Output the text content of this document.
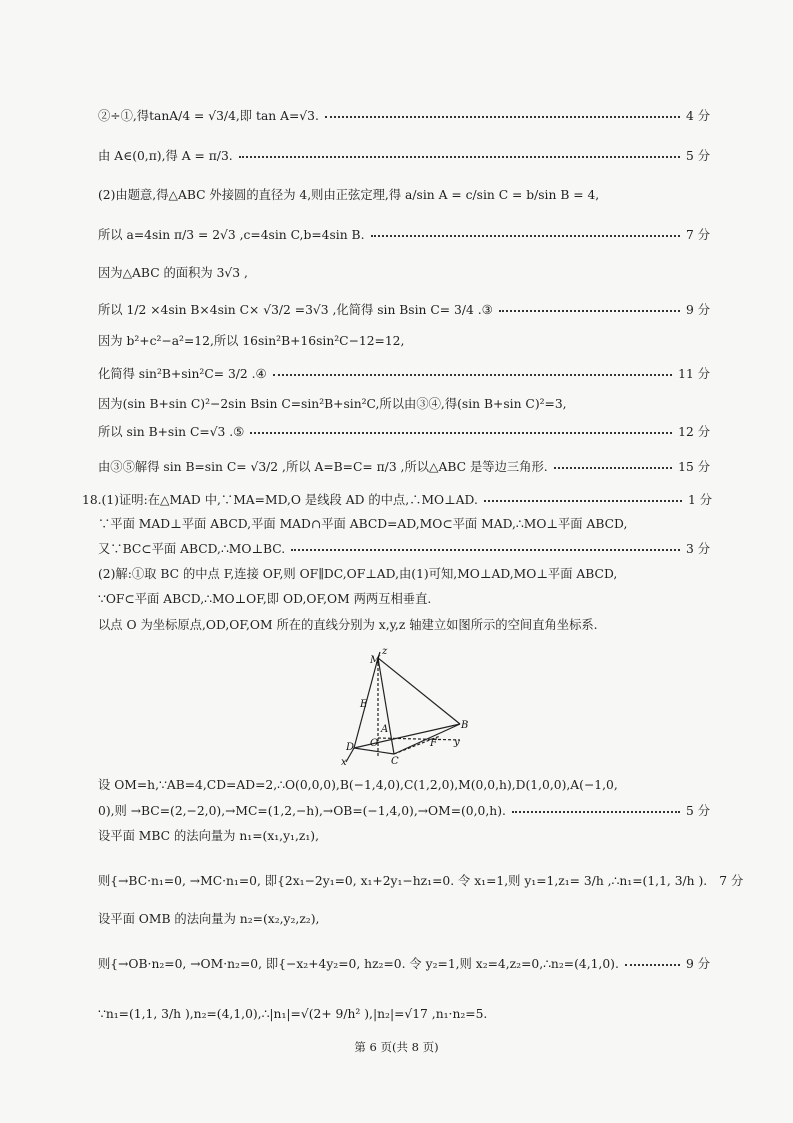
②÷①,得tanA/4 = √3/4,即 tan A=√3.	4 分
由 A∈(0,π),得 A = π/3.	5 分
(2)由题意,得△ABC 外接圆的直径为 4,则由正弦定理,得 a/sin A = c/sin C = b/sin B = 4,
所以 a=4sin π/3 = 2√3 ,c=4sin C,b=4sin B.	7 分
因为△ABC 的面积为 3√3 ,
所以 1/2 ×4sin B×4sin C× √3/2 =3√3 ,化简得 sin Bsin C= 3/4 .③	9 分
因为 b²+c²−a²=12,所以 16sin²B+16sin²C−12=12,
化简得 sin²B+sin²C= 3/2 .④	11 分
因为(sin B+sin C)²−2sin Bsin C=sin²B+sin²C,所以由③④,得(sin B+sin C)²=3,
所以 sin B+sin C=√3 .⑤	12 分
由③⑤解得 sin B=sin C= √3/2 ,所以 A=B=C= π/3 ,所以△ABC 是等边三角形.	15 分
18.(1)证明:在△MAD 中,∵MA=MD,O 是线段 AD 的中点,∴MO⊥AD.	1 分
∵平面 MAD⊥平面 ABCD,平面 MAD∩平面 ABCD=AD,MO⊂平面 MAD,∴MO⊥平面 ABCD,
又∵BC⊂平面 ABCD,∴MO⊥BC.	3 分
(2)解:①取 BC 的中点 F,连接 OF,则 OF∥DC,OF⊥AD,由(1)可知,MO⊥AD,MO⊥平面 ABCD,
∵OF⊂平面 ABCD,∴MO⊥OF,即 OD,OF,OM 两两互相垂直.
以点 O 为坐标原点,OD,OF,OM 所在的直线分别为 x,y,z 轴建立如图所示的空间直角坐标系.
M
z
E
O
A	B
D
C
F
x
y
设 OM=h,∵AB=4,CD=AD=2,∴O(0,0,0),B(−1,4,0),C(1,2,0),M(0,0,h),D(1,0,0),A(−1,0,
0),则 →BC=(2,−2,0),→MC=(1,2,−h),→OB=(−1,4,0),→OM=(0,0,h).	5 分
设平面 MBC 的法向量为 n₁=(x₁,y₁,z₁),
则{→BC·n₁=0, →MC·n₁=0, 即{2x₁−2y₁=0, x₁+2y₁−hz₁=0. 令 x₁=1,则 y₁=1,z₁= 3/h ,∴n₁=(1,1, 3/h ). 7 分
设平面 OMB 的法向量为 n₂=(x₂,y₂,z₂),
则{→OB·n₂=0, →OM·n₂=0, 即{−x₂+4y₂=0, hz₂=0. 令 y₂=1,则 x₂=4,z₂=0,∴n₂=(4,1,0).	9 分
∵n₁=(1,1, 3/h ),n₂=(4,1,0),∴|n₁|=√(2+ 9/h² ),|n₂|=√17 ,n₁·n₂=5.
第 6 页(共 8 页)
